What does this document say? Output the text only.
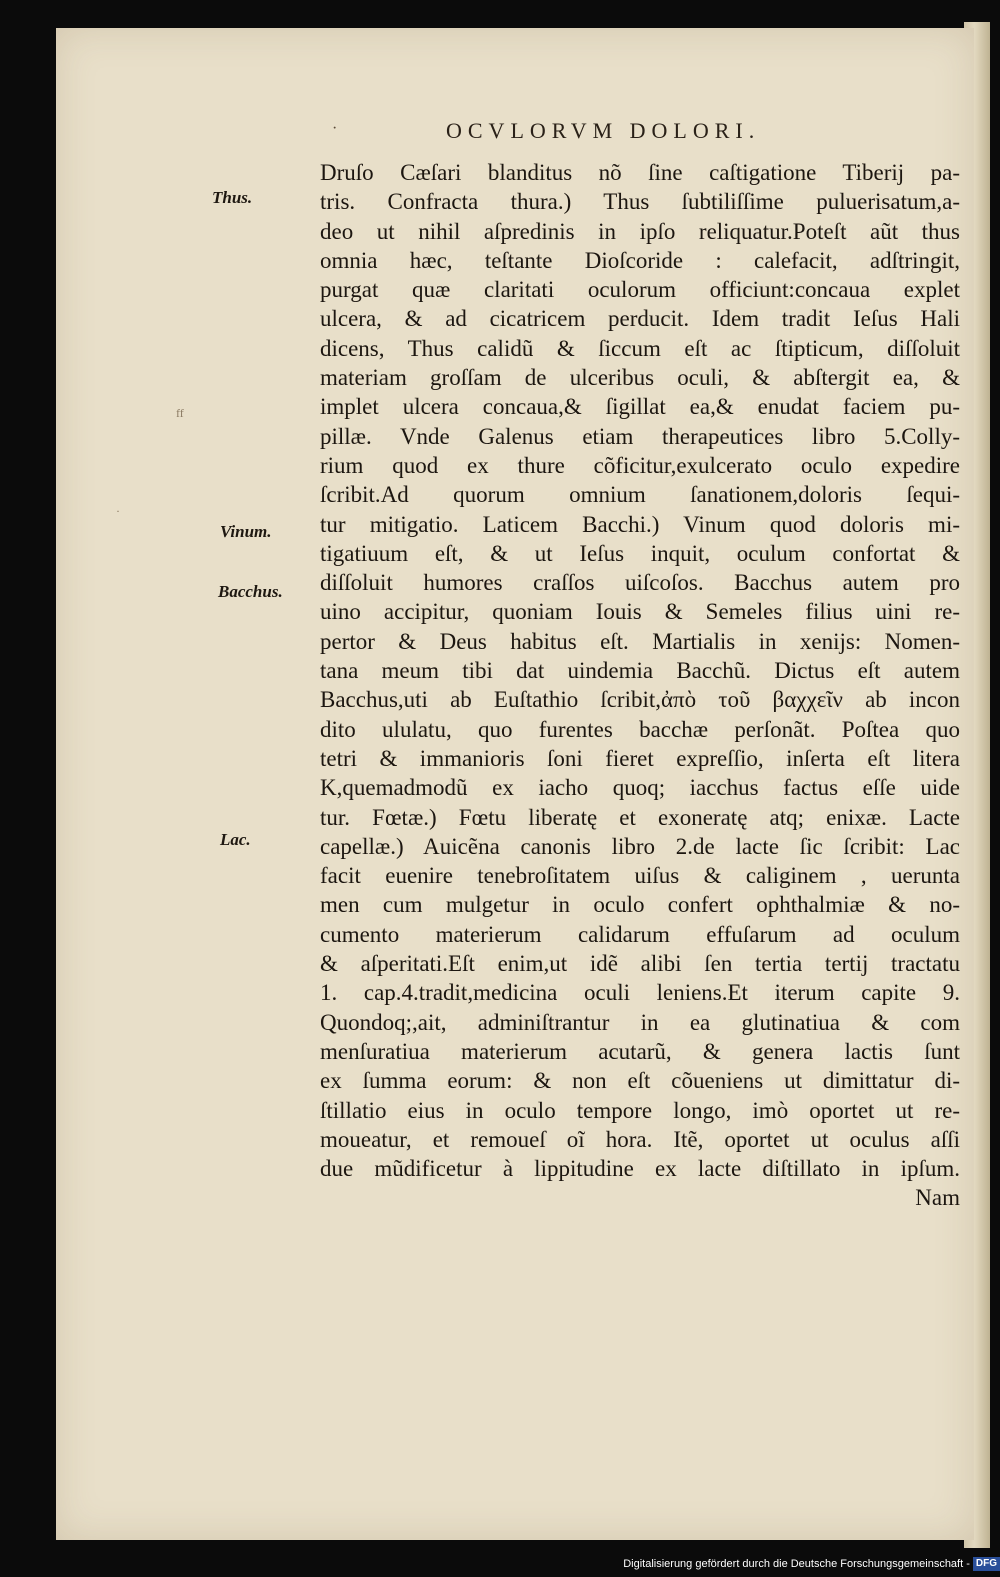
·	OCVLORVM DOLORI.
Thus.
Vinum.
Bacchus.
Lac.
ff
·
Druſo Cæſari blanditus nõ ſine caſtigatione Tiberij pa-
tris. Confracta thura.) Thus ſubtiliſſime puluerisatum,a-
deo ut nihil aſpredinis in ipſo reliquatur.Poteſt aũt thus
omnia hæc, teſtante Dioſcoride : calefacit, adſtringit,
purgat quæ claritati oculorum officiunt:concaua explet
ulcera, & ad cicatricem perducit. Idem tradit Ieſus Hali
dicens, Thus calidũ & ſiccum eſt ac ſtipticum, diſſoluit
materiam groſſam de ulceribus oculi, & abſtergit ea, &
implet ulcera concaua,& ſigillat ea,& enudat faciem pu-
pillæ. Vnde Galenus etiam therapeutices libro 5.Colly-
rium quod ex thure cõficitur,exulcerato oculo expedire
ſcribit.Ad quorum omnium ſanationem,doloris ſequi-
tur mitigatio. Laticem Bacchi.) Vinum quod doloris mi-
tigatiuum eſt, & ut Ieſus inquit, oculum confortat &
diſſoluit humores craſſos uiſcoſos. Bacchus autem pro
uino accipitur, quoniam Iouis & Semeles filius uini re-
pertor & Deus habitus eſt. Martialis in xenijs: Nomen-
tana meum tibi dat uindemia Bacchũ. Dictus eſt autem
Bacchus,uti ab Euſtathio ſcribit,ἀπὸ τοῦ βαχχεῖν ab incon
dito ululatu, quo furentes bacchæ perſonãt. Poſtea quo
tetri & immanioris ſoni fieret expreſſio, inſerta eſt litera
K,quemadmodũ ex iacho quoq; iacchus factus eſſe uide
tur. Fœtæ.) Fœtu liberatę et exoneratę atq; enixæ. Lacte
capellæ.) Auicẽna canonis libro 2.de lacte ſic ſcribit: Lac
facit euenire tenebroſitatem uiſus & caliginem , uerunta
men cum mulgetur in oculo confert ophthalmiæ & no-
cumento materierum calidarum effuſarum ad oculum
& aſperitati.Eſt enim,ut idẽ alibi ſen tertia tertij tractatu
1. cap.4.tradit,medicina oculi leniens.Et iterum capite 9.
Quondoq;,ait, adminiſtrantur in ea glutinatiua & com
menſuratiua materierum acutarũ, & genera lactis ſunt
ex ſumma eorum: & non eſt cõueniens ut dimittatur di-
ſtillatio eius in oculo tempore longo, imò oportet ut re-
moueatur, et remoueſ oĩ hora. Itẽ, oportet ut oculus aſſi
due mũdificetur à lippitudine ex lacte diſtillato in ipſum.
Nam
Digitalisierung gefördert durch die Deutsche Forschungsgemeinschaft - DFG
